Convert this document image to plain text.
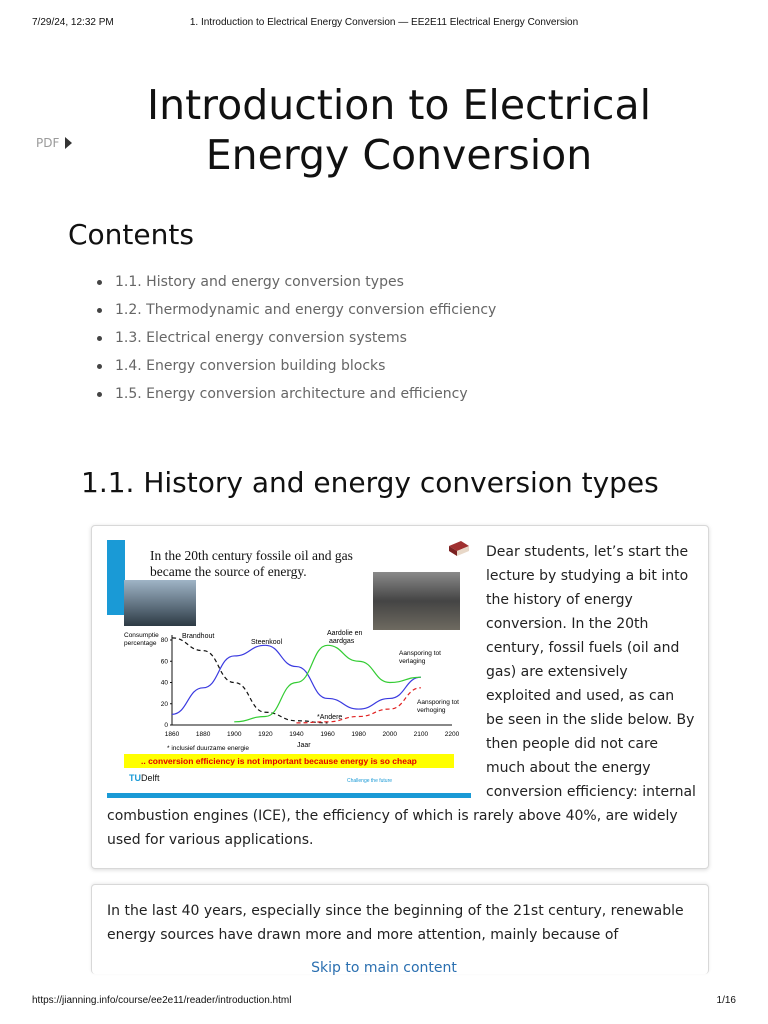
7/29/24, 12:32 PM	1. Introduction to Electrical Energy Conversion — EE2E11 Electrical Energy Conversion
PDF
Introduction to Electrical Energy Conversion
Contents
1.1. History and energy conversion types
1.2. Thermodynamic and energy conversion efficiency
1.3. Electrical energy conversion systems
1.4. Energy conversion building blocks
1.5. Energy conversion architecture and efficiency
1.1. History and energy conversion types
In the 20th century fossile oil and gas
became the source of energy.
0
20
40
60
80
1860	1880	1900	1920	1940	1960	1980	2000	2100	2200
Consumptie
percentage
Jaar
Brandhout
Steenkool
Aardolie en
aardgas
Aansporing tot
verlaging
Aansporing tot
verhoging
*Andere
* inclusief duurzame energie
.. conversion efficiency is not important because energy is so cheap
TUDelft	Challenge the future
Dear students, let’s start the lecture by studying a bit into the history of energy conversion. In the 20th century, fossil fuels (oil and gas) are extensively exploited and used, as can be seen in the slide below. By then people did not care much about the energy conversion efficiency: internal
combustion engines (ICE), the efficiency of which is rarely above 40%, are widely used for various applications.
In the last 40 years, especially since the beginning of the 21st century, renewable energy sources have drawn more and more attention, mainly because of
Skip to main content
https://jianning.info/course/ee2e11/reader/introduction.html	1/16
